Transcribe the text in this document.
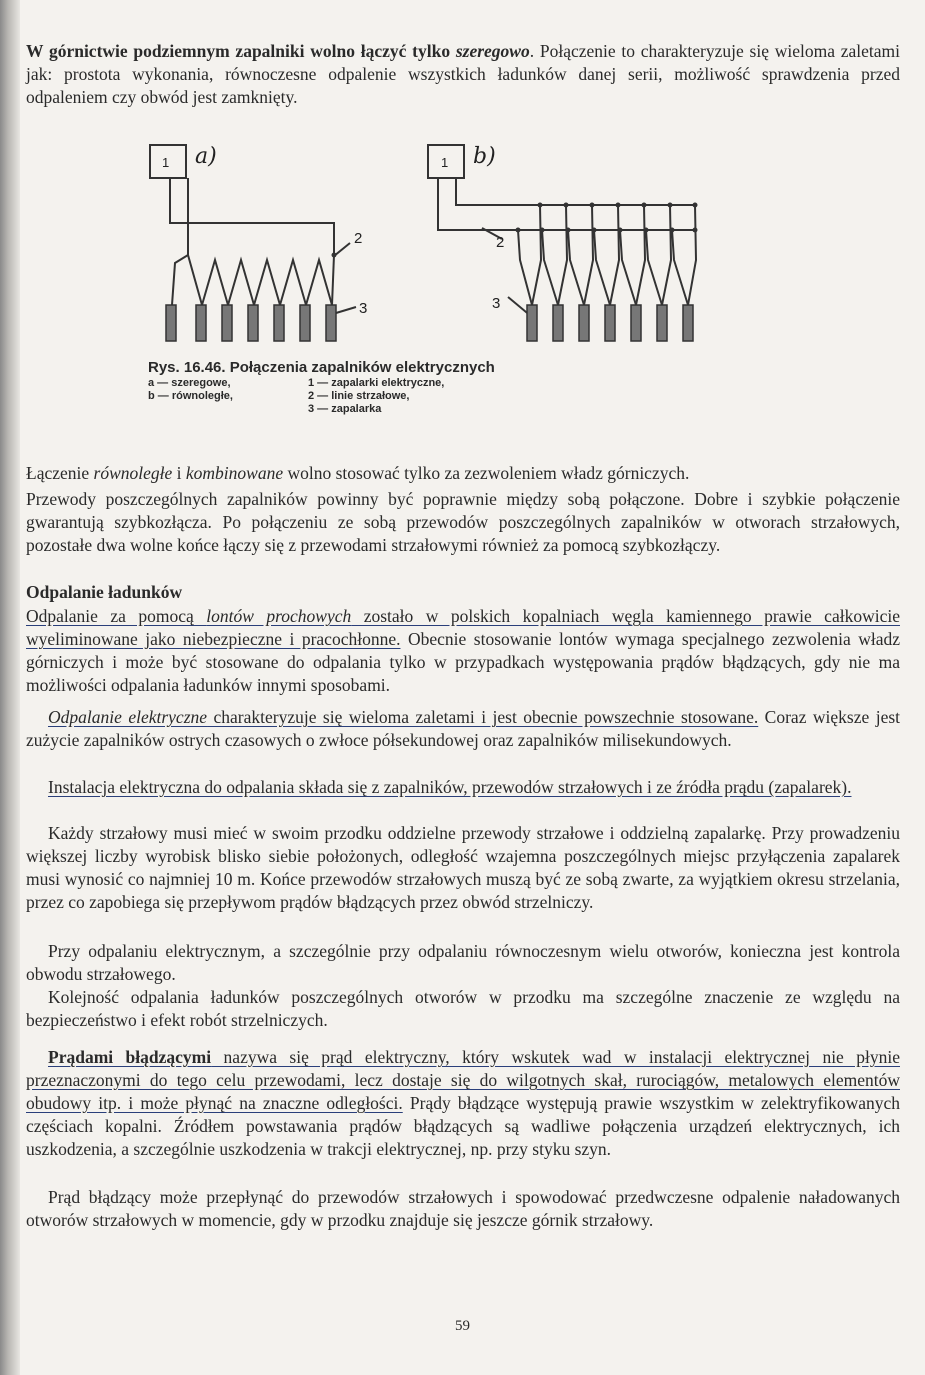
W górnictwie podziemnym zapalniki wolno łączyć tylko szeregowo. Połączenie to charakteryzuje się wieloma zaletami jak: prostota wykonania, równoczesne odpalenie wszystkich ładunków danej serii, możliwość sprawdzenia przed odpaleniem czy obwód jest zamknięty.

1	1
2
3
2
3
a)	b)
Rys. 16.46. Połączenia zapalników elektrycznych
a — szeregowe,
b — równoległe,
1 — zapalarki elektryczne,
2 — linie strzałowe,
3 — zapalarka

Łączenie równoległe i kombinowane wolno stosować tylko za zezwoleniem władz górniczych.

Przewody poszczególnych zapalników powinny być poprawnie między sobą połączone. Dobre i szybkie połączenie gwarantują szybkozłącza. Po połączeniu ze sobą przewodów poszczególnych zapalników w otworach strzałowych, pozostałe dwa wolne końce łączy się z przewodami strzałowymi również za pomocą szybkozłączy.

Odpalanie ładunków

Odpalanie za pomocą lontów prochowych zostało w polskich kopalniach węgla kamiennego prawie całkowicie wyeliminowane jako niebezpieczne i pracochłonne. Obecnie stosowanie lontów wymaga specjalnego zezwolenia władz górniczych i może być stosowane do odpalania tylko w przypadkach występowania prądów błądzących, gdy nie ma możliwości odpalania ładunków innymi sposobami.

Odpalanie elektryczne charakteryzuje się wieloma zaletami i jest obecnie powszechnie stosowane. Coraz większe jest zużycie zapalników ostrych czasowych o zwłoce półsekundowej oraz zapalników milisekundowych.

Instalacja elektryczna do odpalania składa się z zapalników, przewodów strzałowych i ze źródła prądu (zapalarek).

Każdy strzałowy musi mieć w swoim przodku oddzielne przewody strzałowe i oddzielną zapalarkę. Przy prowadzeniu większej liczby wyrobisk blisko siebie położonych, odległość wzajemna poszczególnych miejsc przyłączenia zapalarek musi wynosić co najmniej 10 m. Końce przewodów strzałowych muszą być ze sobą zwarte, za wyjątkiem okresu strzelania, przez co zapobiega się przepływom prądów błądzących przez obwód strzelniczy.

Przy odpalaniu elektrycznym, a szczególnie przy odpalaniu równoczesnym wielu otworów, konieczna jest kontrola obwodu strzałowego.

Kolejność odpalania ładunków poszczególnych otworów w przodku ma szczególne znaczenie ze względu na bezpieczeństwo i efekt robót strzelniczych.

Prądami błądzącymi nazywa się prąd elektryczny, który wskutek wad w instalacji elektrycznej nie płynie przeznaczonymi do tego celu przewodami, lecz dostaje się do wilgotnych skał, rurociągów, metalowych elementów obudowy itp. i może płynąć na znaczne odległości. Prądy błądzące występują prawie wszystkim w zelektryfikowanych częściach kopalni. Źródłem powstawania prądów błądzących są wadliwe połączenia urządzeń elektrycznych, ich uszkodzenia, a szczególnie uszkodzenia w trakcji elektrycznej, np. przy styku szyn.

Prąd błądzący może przepłynąć do przewodów strzałowych i spowodować przedwczesne odpalenie naładowanych otworów strzałowych w momencie, gdy w przodku znajduje się jeszcze górnik strzałowy.

59
